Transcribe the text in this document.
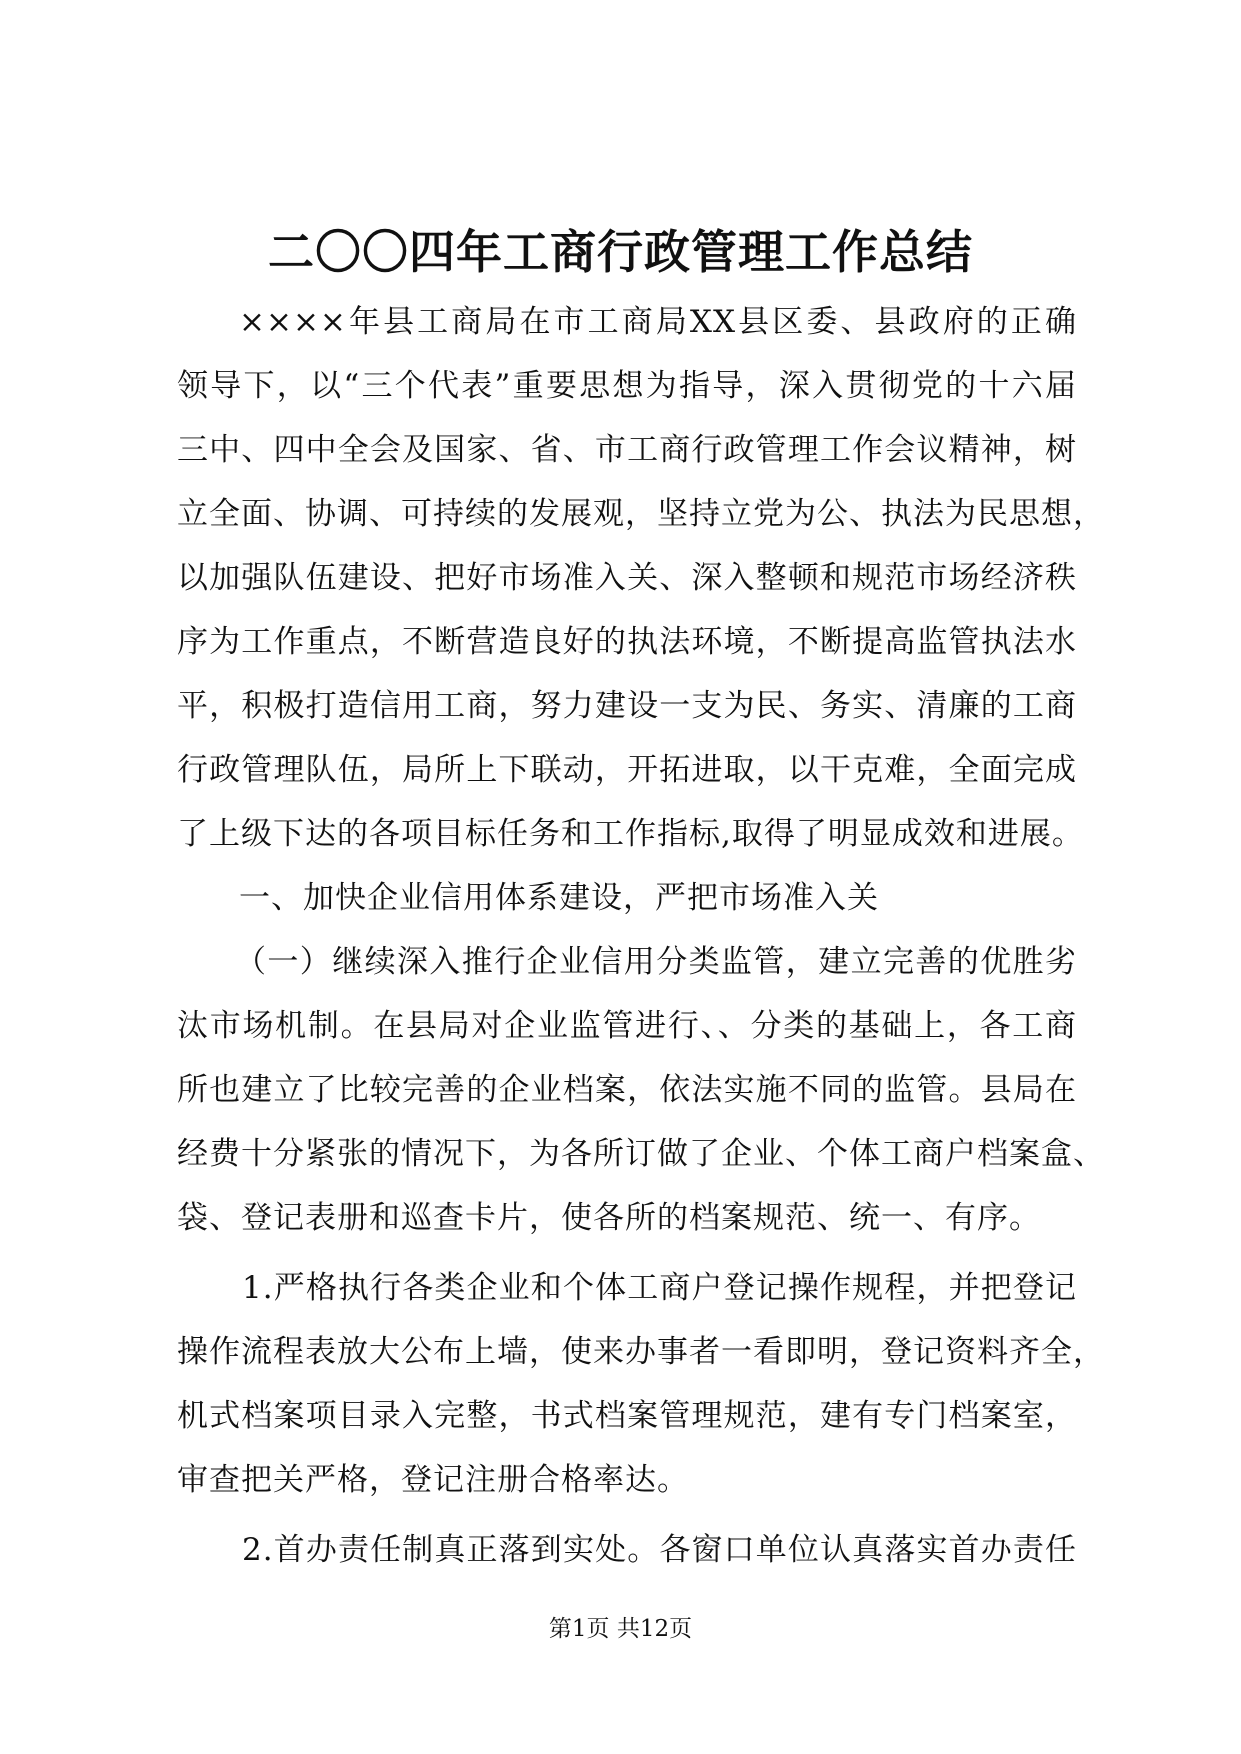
二〇〇四年工商行政管理工作总结
××××年县工商局在市工商局XX县区委、县政府的正确
领导下，以“三个代表”重要思想为指导，深入贯彻党的十六届
三中、四中全会及国家、省、市工商行政管理工作会议精神，树
立全面、协调、可持续的发展观，坚持立党为公、执法为民思想，
以加强队伍建设、把好市场准入关、深入整顿和规范市场经济秩
序为工作重点，不断营造良好的执法环境，不断提高监管执法水
平，积极打造信用工商，努力建设一支为民、务实、清廉的工商
行政管理队伍，局所上下联动，开拓进取，以干克难，全面完成
了上级下达的各项目标任务和工作指标,取得了明显成效和进展。
一、加快企业信用体系建设，严把市场准入关
（一）继续深入推行企业信用分类监管，建立完善的优胜劣
汰市场机制。在县局对企业监管进行、、分类的基础上，各工商
所也建立了比较完善的企业档案，依法实施不同的监管。县局在
经费十分紧张的情况下，为各所订做了企业、个体工商户档案盒、
袋、登记表册和巡查卡片，使各所的档案规范、统一、有序。
1.严格执行各类企业和个体工商户登记操作规程，并把登记
操作流程表放大公布上墙，使来办事者一看即明，登记资料齐全，
机式档案项目录入完整，书式档案管理规范，建有专门档案室，
审查把关严格，登记注册合格率达。
2.首办责任制真正落到实处。各窗口单位认真落实首办责任
第1页 共12页
